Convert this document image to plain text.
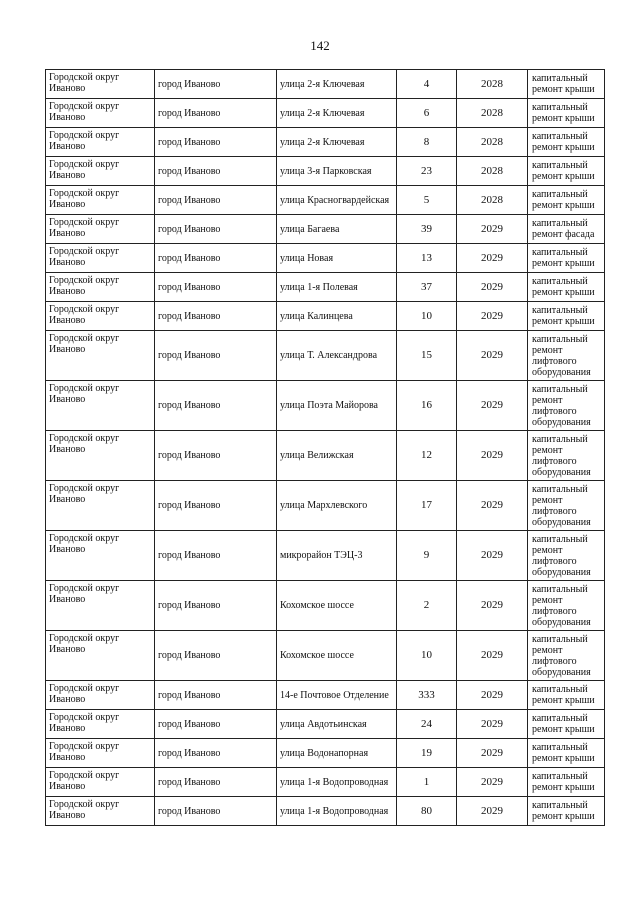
142
Городской округ Иваново	город Иваново	улица 2-я Ключевая	4	2028	капитальный ремонт крыши
Городской округ Иваново	город Иваново	улица 2-я Ключевая	6	2028	капитальный ремонт крыши
Городской округ Иваново	город Иваново	улица 2-я Ключевая	8	2028	капитальный ремонт крыши
Городской округ Иваново	город Иваново	улица 3-я Парковская	23	2028	капитальный ремонт крыши
Городской округ Иваново	город Иваново	улица Красногвардейская	5	2028	капитальный ремонт крыши
Городской округ Иваново	город Иваново	улица Багаева	39	2029	капитальный ремонт фасада
Городской округ Иваново	город Иваново	улица Новая	13	2029	капитальный ремонт крыши
Городской округ Иваново	город Иваново	улица 1-я Полевая	37	2029	капитальный ремонт крыши
Городской округ Иваново	город Иваново	улица Калинцева	10	2029	капитальный ремонт крыши
Городской округ Иваново	город Иваново	улица Т. Александрова	15	2029	капитальный ремонт лифтового оборудования
Городской округ Иваново	город Иваново	улица Поэта Майорова	16	2029	капитальный ремонт лифтового оборудования
Городской округ Иваново	город Иваново	улица Велижская	12	2029	капитальный ремонт лифтового оборудования
Городской округ Иваново	город Иваново	улица Мархлевского	17	2029	капитальный ремонт лифтового оборудования
Городской округ Иваново	город Иваново	микрорайон ТЭЦ-3	9	2029	капитальный ремонт лифтового оборудования
Городской округ Иваново	город Иваново	Кохомское шоссе	2	2029	капитальный ремонт лифтового оборудования
Городской округ Иваново	город Иваново	Кохомское шоссе	10	2029	капитальный ремонт лифтового оборудования
Городской округ Иваново	город Иваново	14-е Почтовое Отделение	333	2029	капитальный ремонт крыши
Городской округ Иваново	город Иваново	улица Авдотьинская	24	2029	капитальный ремонт крыши
Городской округ Иваново	город Иваново	улица Водонапорная	19	2029	капитальный ремонт крыши
Городской округ Иваново	город Иваново	улица 1-я Водопроводная	1	2029	капитальный ремонт крыши
Городской округ Иваново	город Иваново	улица 1-я Водопроводная	80	2029	капитальный ремонт крыши
